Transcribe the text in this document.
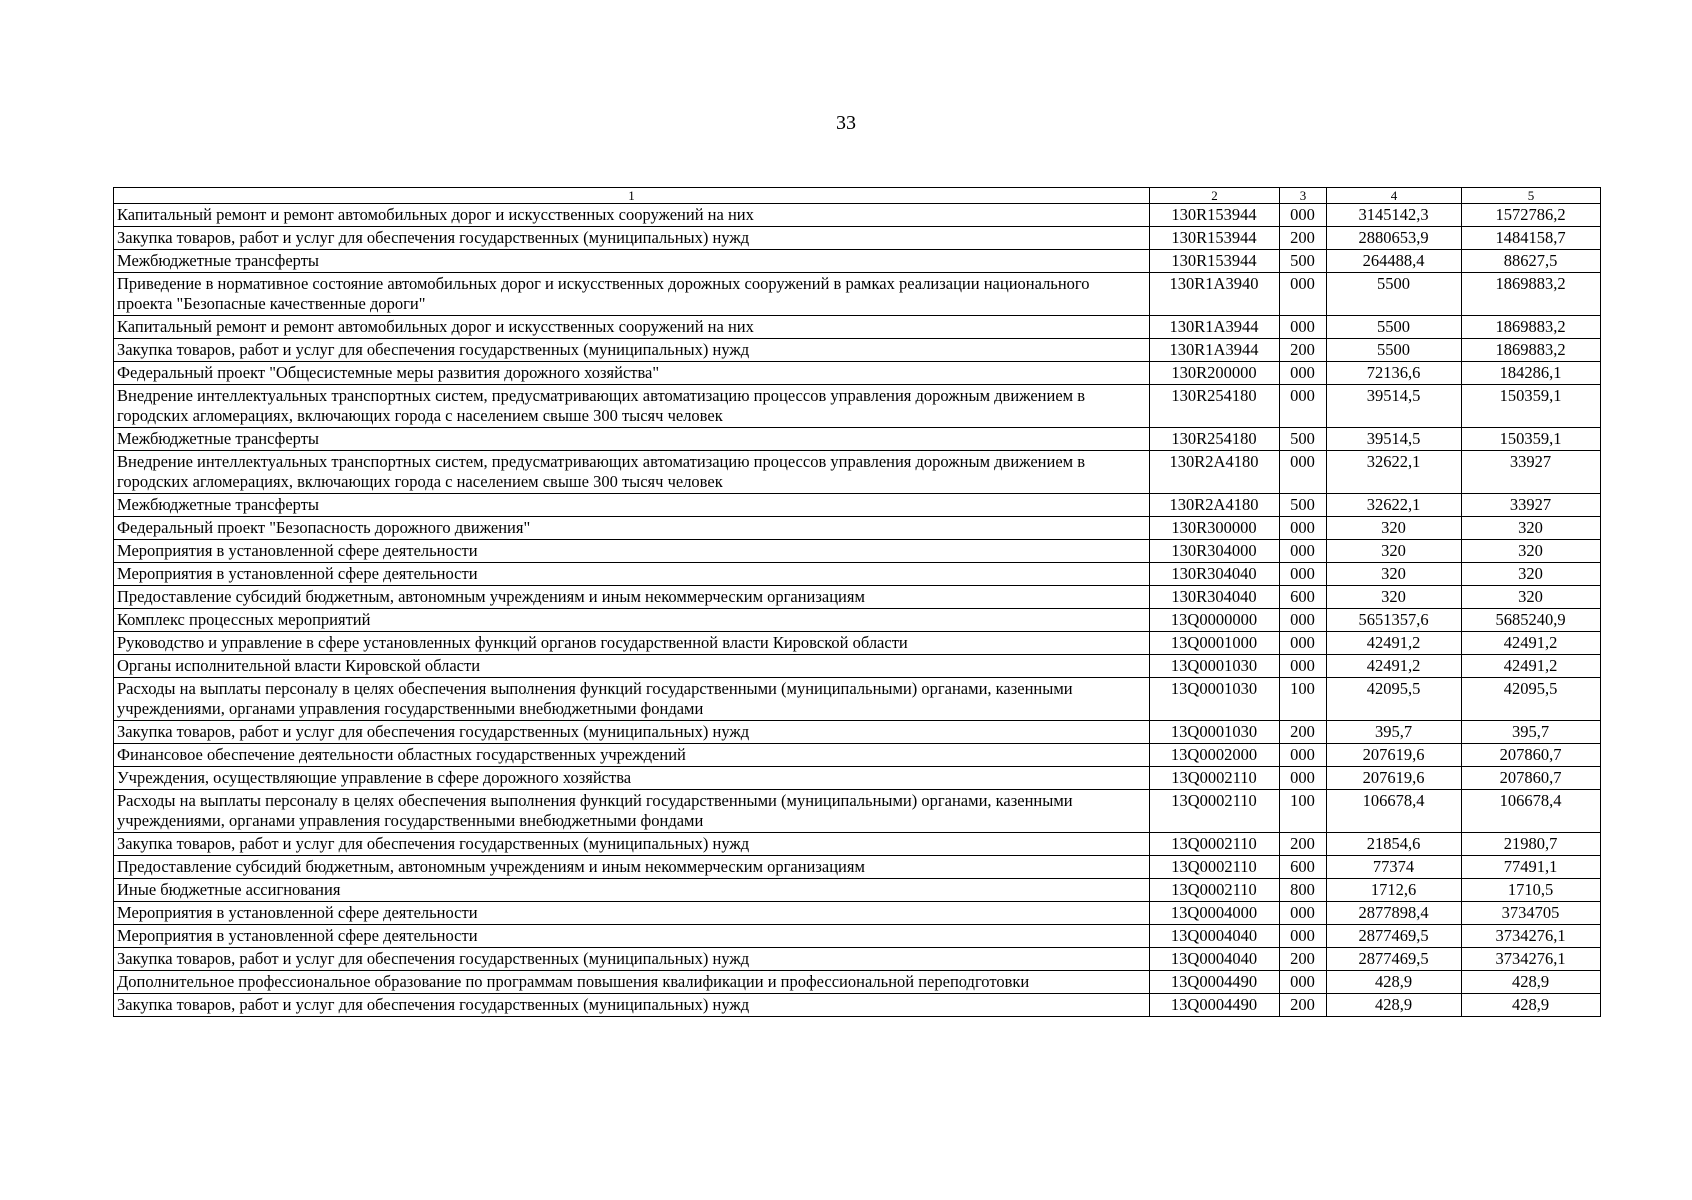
33
1	2	3	4	5
Капитальный ремонт и ремонт автомобильных дорог и искусственных сооружений на них	130R153944	000	3145142,3	1572786,2
Закупка товаров, работ и услуг для обеспечения государственных (муниципальных) нужд	130R153944	200	2880653,9	1484158,7
Межбюджетные трансферты	130R153944	500	264488,4	88627,5
Приведение в нормативное состояние автомобильных дорог и искусственных дорожных сооружений в рамках реализации национального проекта "Безопасные качественные дороги"	130R1A3940	000	5500	1869883,2
Капитальный ремонт и ремонт автомобильных дорог и искусственных сооружений на них	130R1A3944	000	5500	1869883,2
Закупка товаров, работ и услуг для обеспечения государственных (муниципальных) нужд	130R1A3944	200	5500	1869883,2
Федеральный проект "Общесистемные меры развития дорожного хозяйства"	130R200000	000	72136,6	184286,1
Внедрение интеллектуальных транспортных систем, предусматривающих автоматизацию процессов управления дорожным движением в городских агломерациях, включающих города с населением свыше 300 тысяч человек	130R254180	000	39514,5	150359,1
Межбюджетные трансферты	130R254180	500	39514,5	150359,1
Внедрение интеллектуальных транспортных систем, предусматривающих автоматизацию процессов управления дорожным движением в городских агломерациях, включающих города с населением свыше 300 тысяч человек	130R2A4180	000	32622,1	33927
Межбюджетные трансферты	130R2A4180	500	32622,1	33927
Федеральный проект "Безопасность дорожного движения"	130R300000	000	320	320
Мероприятия в установленной сфере деятельности	130R304000	000	320	320
Мероприятия в установленной сфере деятельности	130R304040	000	320	320
Предоставление субсидий бюджетным, автономным учреждениям и иным некоммерческим организациям	130R304040	600	320	320
Комплекс процессных мероприятий	13Q0000000	000	5651357,6	5685240,9
Руководство и управление в сфере установленных функций органов государственной власти Кировской области	13Q0001000	000	42491,2	42491,2
Органы исполнительной власти Кировской области	13Q0001030	000	42491,2	42491,2
Расходы на выплаты персоналу в целях обеспечения выполнения функций государственными (муниципальными) органами, казенными учреждениями, органами управления государственными внебюджетными фондами	13Q0001030	100	42095,5	42095,5
Закупка товаров, работ и услуг для обеспечения государственных (муниципальных) нужд	13Q0001030	200	395,7	395,7
Финансовое обеспечение деятельности областных государственных учреждений	13Q0002000	000	207619,6	207860,7
Учреждения, осуществляющие управление в сфере дорожного хозяйства	13Q0002110	000	207619,6	207860,7
Расходы на выплаты персоналу в целях обеспечения выполнения функций государственными (муниципальными) органами, казенными учреждениями, органами управления государственными внебюджетными фондами	13Q0002110	100	106678,4	106678,4
Закупка товаров, работ и услуг для обеспечения государственных (муниципальных) нужд	13Q0002110	200	21854,6	21980,7
Предоставление субсидий бюджетным, автономным учреждениям и иным некоммерческим организациям	13Q0002110	600	77374	77491,1
Иные бюджетные ассигнования	13Q0002110	800	1712,6	1710,5
Мероприятия в установленной сфере деятельности	13Q0004000	000	2877898,4	3734705
Мероприятия в установленной сфере деятельности	13Q0004040	000	2877469,5	3734276,1
Закупка товаров, работ и услуг для обеспечения государственных (муниципальных) нужд	13Q0004040	200	2877469,5	3734276,1
Дополнительное профессиональное образование по программам повышения квалификации и профессиональной переподготовки	13Q0004490	000	428,9	428,9
Закупка товаров, работ и услуг для обеспечения государственных (муниципальных) нужд	13Q0004490	200	428,9	428,9
